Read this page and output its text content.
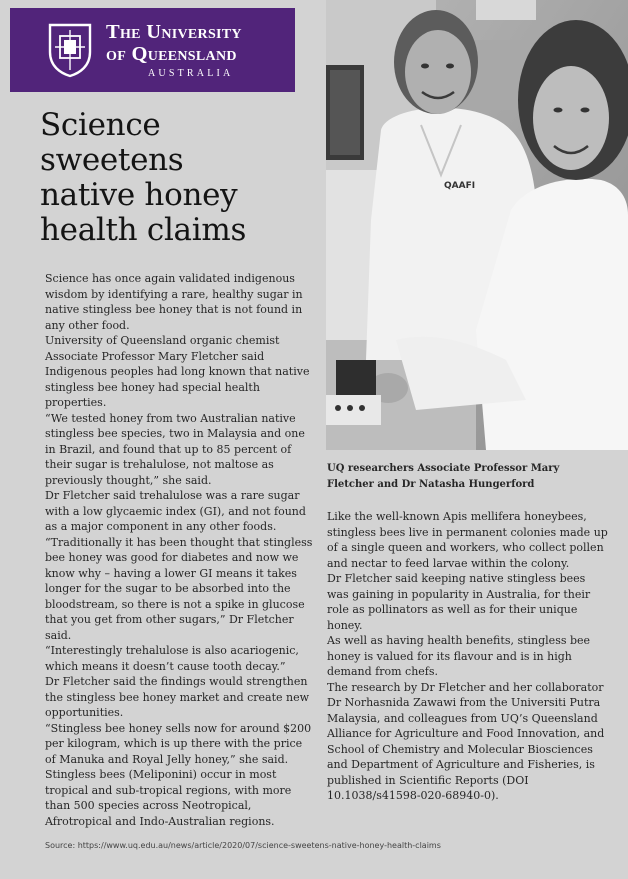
The University
of Queensland
AUSTRALIA
Science
sweetens
native honey
health claims

Science has once again validated indigenous wisdom by identifying a rare, healthy sugar in native stingless bee honey that is not found in any other food.

University of Queensland organic chemist Associate Professor Mary Fletcher said Indigenous peoples had long known that native stingless bee honey had special health properties.

“We tested honey from two Australian native stingless bee species, two in Malaysia and one in Brazil, and found that up to 85 percent of their sugar is trehalulose, not maltose as previously thought,” she said.

Dr Fletcher said trehalulose was a rare sugar with a low glycaemic index (GI), and not found as a major component in any other foods.

“Traditionally it has been thought that stingless bee honey was good for diabetes and now we know why – having a lower GI means it takes longer for the sugar to be absorbed into the bloodstream, so there is not a spike in glucose that you get from other sugars,” Dr Fletcher said.

“Interestingly trehalulose is also acariogenic, which means it doesn’t cause tooth decay.”

Dr Fletcher said the findings would strengthen the stingless bee honey market and create new opportunities.

“Stingless bee honey sells now for around $200 per kilogram, which is up there with the price of Manuka and Royal Jelly honey,” she said.

Stingless bees (Meliponini) occur in most tropical and sub-tropical regions, with more than 500 species across Neotropical, Afrotropical and Indo-Australian regions.

QAAFI
UQ researchers Associate Professor Mary Fletcher and Dr Natasha Hungerford

Like the well-known Apis mellifera honeybees, stingless bees live in permanent colonies made up of a single queen and workers, who collect pollen and nectar to feed larvae within the colony.

Dr Fletcher said keeping native stingless bees was gaining in popularity in Australia, for their role as pollinators as well as for their unique honey.

As well as having health benefits, stingless bee honey is valued for its flavour and is in high demand from chefs.

The research by Dr Fletcher and her collaborator Dr Norhasnida Zawawi from the Universiti Putra Malaysia, and colleagues from UQ’s Queensland Alliance for Agriculture and Food Innovation, and School of Chemistry and Molecular Biosciences and Department of Agriculture and Fisheries, is published in Scientific Reports (DOI 10.1038/s41598-020-68940-0).

Source: https://www.uq.edu.au/news/article/2020/07/science-sweetens-native-honey-health-claims
